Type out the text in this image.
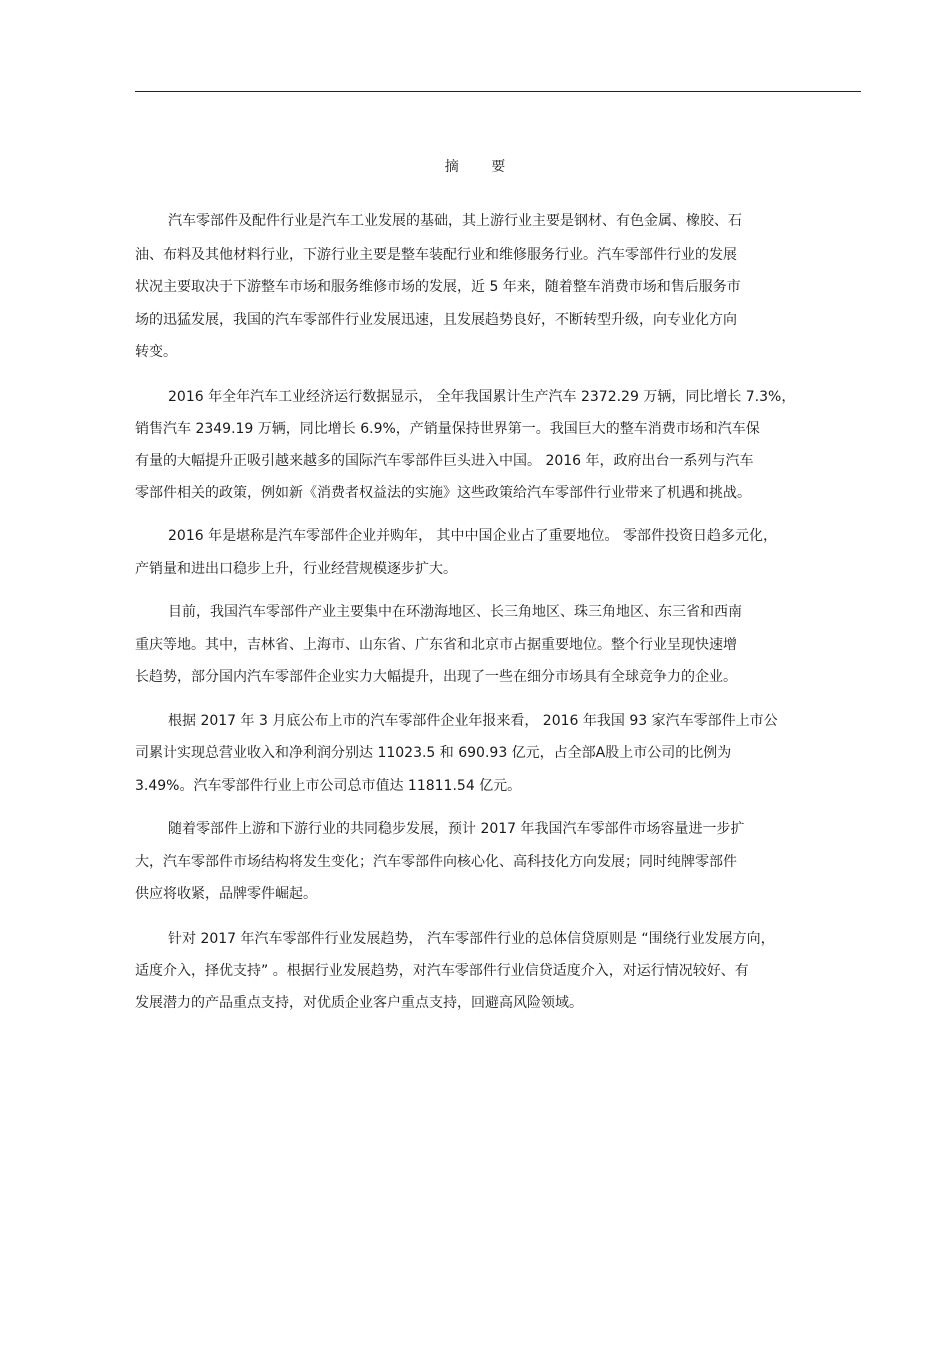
摘 要
汽车零部件及配件行业是汽车工业发展的基础，其上游行业主要是钢材、有色金属、橡胶、石
油、布料及其他材料行业，下游行业主要是整车装配行业和维修服务行业。汽车零部件行业的发展
状况主要取决于下游整车市场和服务维修市场的发展，近 5 年来，随着整车消费市场和售后服务市
场的迅猛发展，我国的汽车零部件行业发展迅速，且发展趋势良好，不断转型升级，向专业化方向
转变。
2016 年全年汽车工业经济运行数据显示， 全年我国累计生产汽车 2372.29 万辆，同比增长 7.3%，
销售汽车 2349.19 万辆，同比增长 6.9%，产销量保持世界第一。我国巨大的整车消费市场和汽车保
有量的大幅提升正吸引越来越多的国际汽车零部件巨头进入中国。 2016 年，政府出台一系列与汽车
零部件相关的政策，例如新《消费者权益法的实施》这些政策给汽车零部件行业带来了机遇和挑战。
2016 年是堪称是汽车零部件企业并购年， 其中中国企业占了重要地位。 零部件投资日趋多元化，
产销量和进出口稳步上升，行业经营规模逐步扩大。
目前，我国汽车零部件产业主要集中在环渤海地区、长三角地区、珠三角地区、东三省和西南
重庆等地。其中，吉林省、上海市、山东省、广东省和北京市占据重要地位。整个行业呈现快速增
长趋势，部分国内汽车零部件企业实力大幅提升，出现了一些在细分市场具有全球竞争力的企业。
根据 2017 年 3 月底公布上市的汽车零部件企业年报来看， 2016 年我国 93 家汽车零部件上市公
司累计实现总营业收入和净利润分别达 11023.5 和 690.93 亿元，占全部A股上市公司的比例为
3.49%。汽车零部件行业上市公司总市值达 11811.54 亿元。
随着零部件上游和下游行业的共同稳步发展，预计 2017 年我国汽车零部件市场容量进一步扩
大，汽车零部件市场结构将发生变化；汽车零部件向核心化、高科技化方向发展；同时纯牌零部件
供应将收紧，品牌零件崛起。
针对 2017 年汽车零部件行业发展趋势， 汽车零部件行业的总体信贷原则是 “围绕行业发展方向，
适度介入，择优支持” 。根据行业发展趋势，对汽车零部件行业信贷适度介入，对运行情况较好、有
发展潜力的产品重点支持，对优质企业客户重点支持，回避高风险领域。
